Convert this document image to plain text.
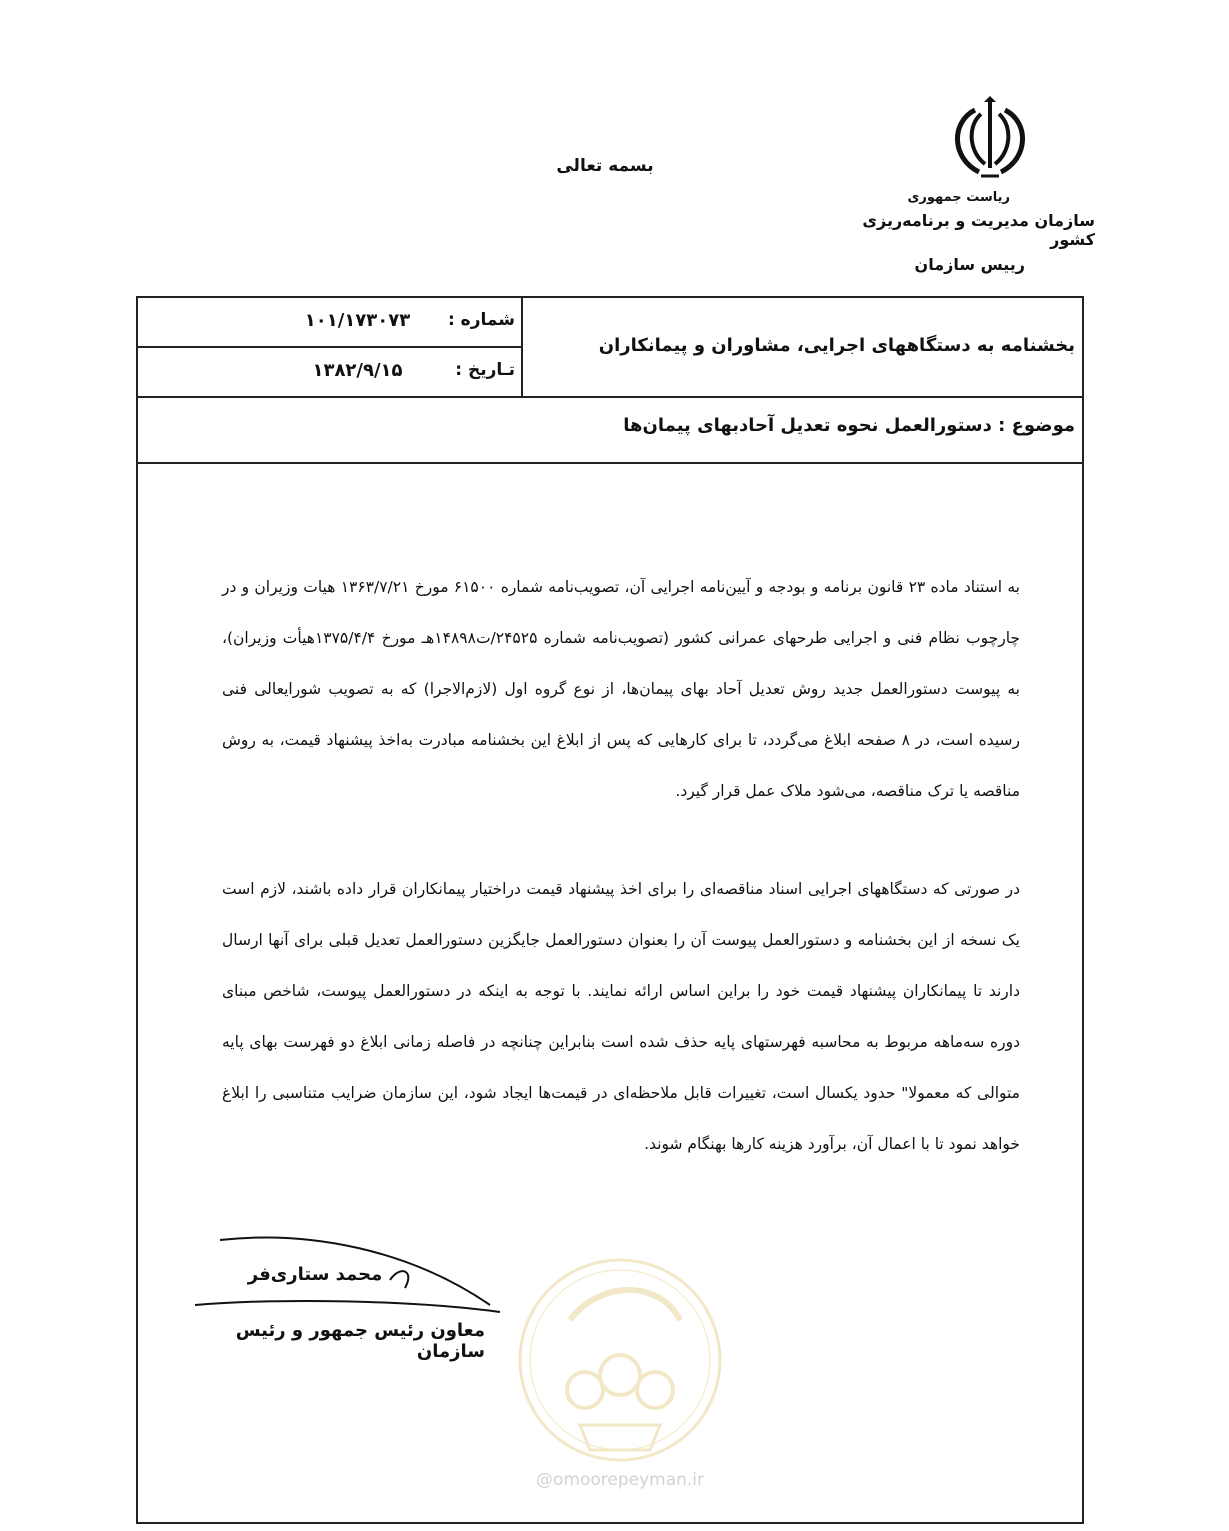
بسمه تعالی
ریاست جمهوری
سازمان مدیریت و برنامه‌ریزی کشور
رییس سازمان
شماره :
۱۰۱/۱۷۳۰۷۳
تـاریخ :
۱۳۸۲/۹/۱۵
بخشنامه به دستگاههای اجرایی، مشاوران و پیمانکاران
موضوع : دستورالعمل نحوه تعدیل آحادبهای پیمان‌ها
به استناد ماده ۲۳ قانون برنامه و بودجه و آیین‌نامه اجرایی آن، تصویب‌نامه شماره ۶۱۵۰۰ مورخ ۱۳۶۳/۷/۲۱ هیات وزیران و در چارچوب نظام فنی و اجرایی طرحهای عمرانی کشور (تصویب‌نامه شماره ۲۴۵۲۵/ت۱۴۸۹۸هـ مورخ ۱۳۷۵/۴/۴هیأت وزیران)، به پیوست دستورالعمل جدید روش تعدیل آحاد بهای پیمان‌ها، از نوع گروه اول (لازم‌الاجرا) که به تصویب شورایعالی فنی رسیده است، در ۸ صفحه ابلاغ می‌گردد، تا برای کارهایی که پس از ابلاغ این بخشنامه مبادرت به‌اخذ پیشنهاد قیمت، به روش مناقصه یا ترک مناقصه، می‌شود ملاک عمل قرار گیرد.
در صورتی که دستگاههای اجرایی اسناد مناقصه‌ای را برای اخذ پیشنهاد قیمت دراختیار پیمانکاران قرار داده باشند، لازم است یک نسخه از این بخشنامه و دستورالعمل پیوست آن را بعنوان دستورالعمل جایگزین دستورالعمل تعدیل قبلی برای آنها ارسال دارند تا پیمانکاران پیشنهاد قیمت خود را براین اساس ارائه نمایند. با توجه به اینکه در دستورالعمل پیوست، شاخص مبنای دوره سه‌ماهه مربوط به محاسبه فهرستهای پایه حذف شده است بنابراین چنانچه در فاصله زمانی ابلاغ دو فهرست بهای پایه متوالی که معمولا" حدود یکسال است، تغییرات قابل ملاحظه‌ای در قیمت‌ها ایجاد شود، این سازمان ضرایب متناسبی را ابلاغ خواهد نمود تا با اعمال آن، برآورد هزینه کارها بهنگام شوند.
@omoorepeyman.ir
محمد ستاری‌فر
معاون رئیس جمهور و رئیس سازمان
